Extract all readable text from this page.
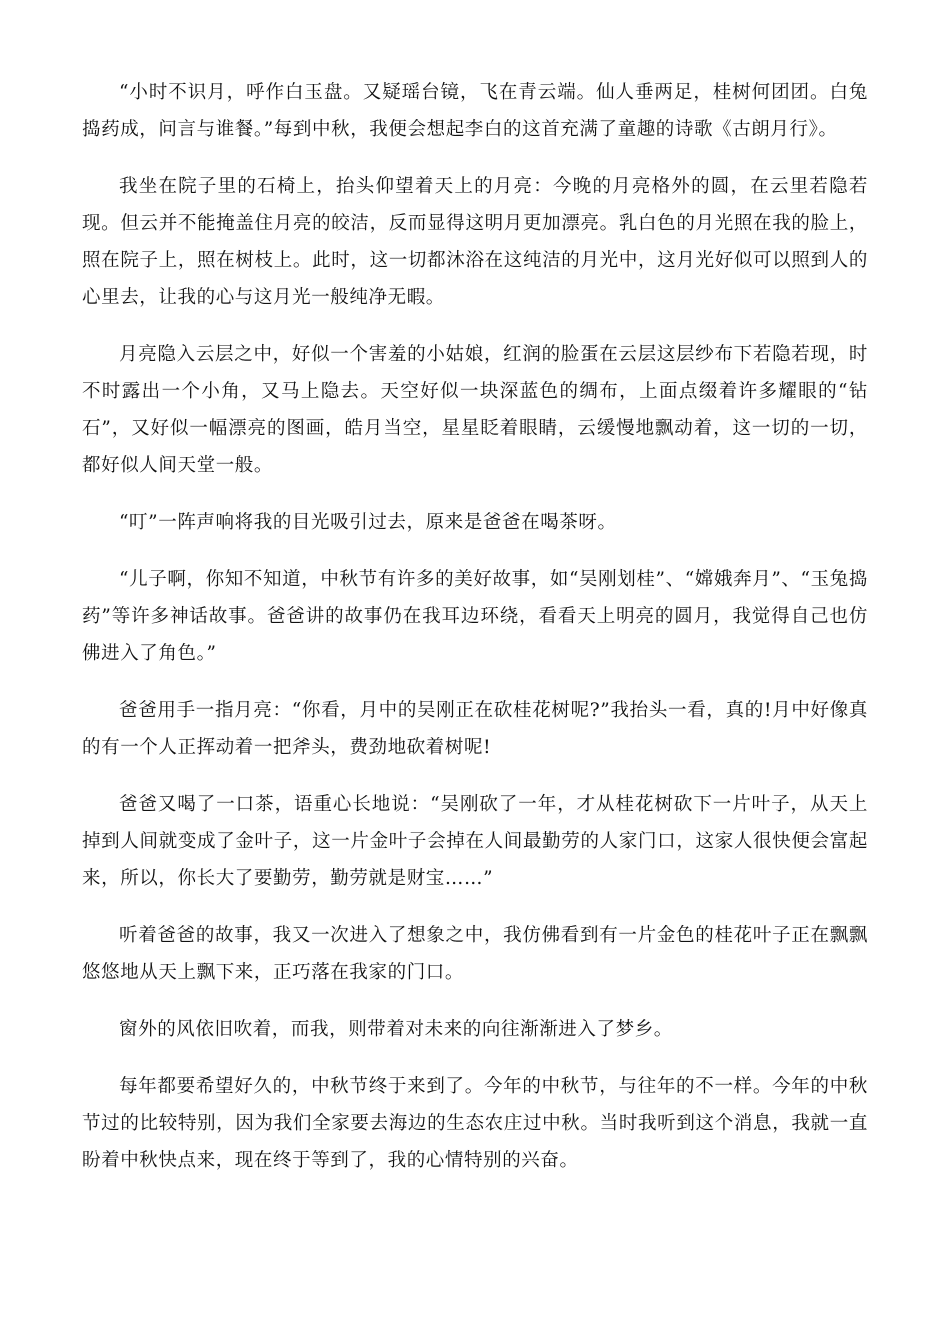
“小时不识月，呼作白玉盘。又疑瑶台镜，飞在青云端。仙人垂两足，桂树何团团。白兔捣药成，问言与谁餐。”每到中秋，我便会想起李白的这首充满了童趣的诗歌《古朗月行》。

我坐在院子里的石椅上，抬头仰望着天上的月亮：今晚的月亮格外的圆，在云里若隐若现。但云并不能掩盖住月亮的皎洁，反而显得这明月更加漂亮。乳白色的月光照在我的脸上，照在院子上，照在树枝上。此时，这一切都沐浴在这纯洁的月光中，这月光好似可以照到人的心里去，让我的心与这月光一般纯净无暇。

月亮隐入云层之中，好似一个害羞的小姑娘，红润的脸蛋在云层这层纱布下若隐若现，时不时露出一个小角，又马上隐去。天空好似一块深蓝色的绸布，上面点缀着许多耀眼的“钻石”，又好似一幅漂亮的图画，皓月当空，星星眨着眼睛，云缓慢地飘动着，这一切的一切，都好似人间天堂一般。

“叮”一阵声响将我的目光吸引过去，原来是爸爸在喝茶呀。

“儿子啊，你知不知道，中秋节有许多的美好故事，如“吴刚划桂”、“嫦娥奔月”、“玉兔捣药”等许多神话故事。爸爸讲的故事仍在我耳边环绕，看看天上明亮的圆月，我觉得自己也仿佛进入了角色。”

爸爸用手一指月亮：“你看，月中的吴刚正在砍桂花树呢?”我抬头一看，真的!月中好像真的有一个人正挥动着一把斧头，费劲地砍着树呢!

爸爸又喝了一口茶，语重心长地说：“吴刚砍了一年，才从桂花树砍下一片叶子，从天上掉到人间就变成了金叶子，这一片金叶子会掉在人间最勤劳的人家门口，这家人很快便会富起来，所以，你长大了要勤劳，勤劳就是财宝……”

听着爸爸的故事，我又一次进入了想象之中，我仿佛看到有一片金色的桂花叶子正在飘飘悠悠地从天上飘下来，正巧落在我家的门口。

窗外的风依旧吹着，而我，则带着对未来的向往渐渐进入了梦乡。

每年都要希望好久的，中秋节终于来到了。今年的中秋节，与往年的不一样。今年的中秋节过的比较特别，因为我们全家要去海边的生态农庄过中秋。当时我听到这个消息，我就一直盼着中秋快点来，现在终于等到了，我的心情特别的兴奋。
